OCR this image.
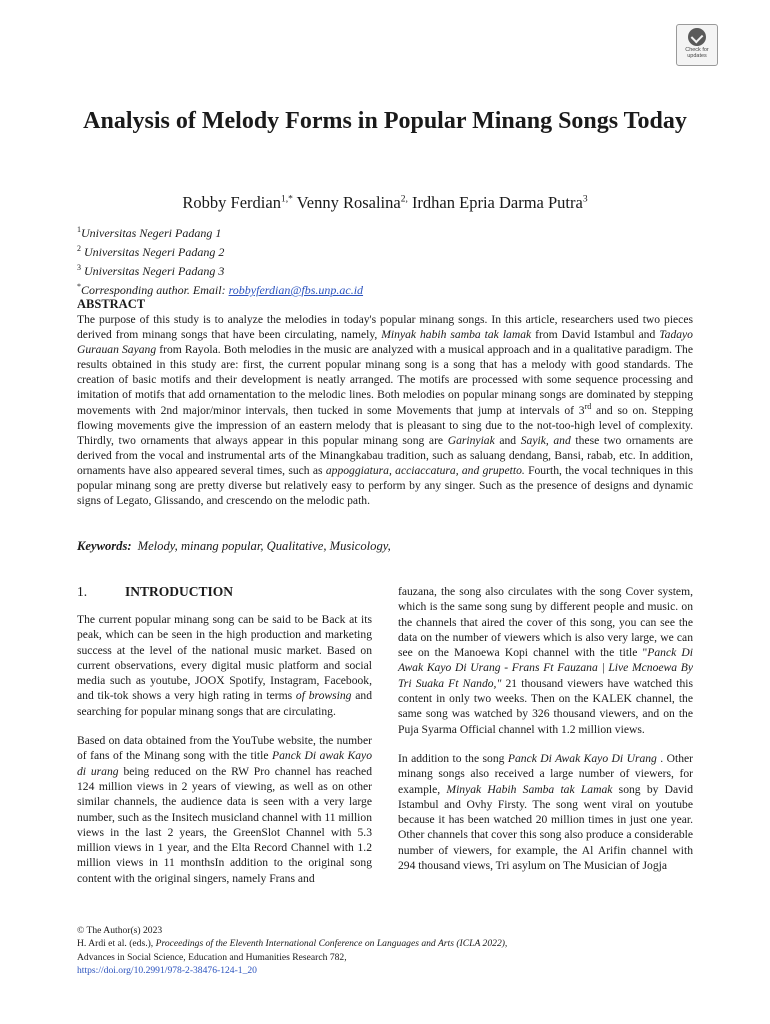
Check for
updates
Analysis of Melody Forms in Popular Minang Songs Today
Robby Ferdian$^{1,*}$ Venny Rosalina$^{2,}$ Irdhan Epria Darma Putra$^3$
$^1$Universitas Negeri Padang 1
$^2$ Universitas Negeri Padang 2
$^3$ Universitas Negeri Padang 3
*Corresponding author. Email: robbyferdian@fbs.unp.ac.id
ABSTRACT

The purpose of this study is to analyze the melodies in today's popular minang songs. In this article, researchers used two pieces derived from minang songs that have been circulating, namely, Minyak habih samba tak lamak from David Istambul and Tadayo Gurauan Sayang from Rayola. Both melodies in the music are analyzed with a musical approach and in a qualitative paradigm. The results obtained in this study are: first, the current popular minang song is a song that has a melody with good standards. The creation of basic motifs and their development is neatly arranged. The motifs are processed with some sequence processing and imitation of motifs that add ornamentation to the melodic lines. Both melodies on popular minang songs are dominated by stepping movements with 2nd major/minor intervals, then tucked in some Movements that jump at intervals of 3rd and so on. Stepping flowing movements give the impression of an eastern melody that is pleasant to sing due to the not-too-high level of complexity. Thirdly, two ornaments that always appear in this popular minang song are Garinyiak and Sayik, and these two ornaments are derived from the vocal and instrumental arts of the Minangkabau tradition, such as saluang dendang, Bansi, rabab, etc. In addition, ornaments have also appeared several times, such as appoggiatura, acciaccatura, and grupetto. Fourth, the vocal techniques in this popular minang song are pretty diverse but relatively easy to perform by any singer. Such as the presence of designs and dynamic signs of Legato, Glissando, and crescendo on the melodic path.

Keywords: Melody, minang popular, Qualitative, Musicology,
1.	INTRODUCTION

The current popular minang song can be said to be Back at its peak, which can be seen in the high production and marketing success at the level of the national music market. Based on current observations, every digital music platform and social media such as youtube, JOOX Spotify, Instagram, Facebook, and tik-tok shows a very high rating in terms of browsing and searching for popular minang songs that are circulating.

Based on data obtained from the YouTube website, the number of fans of the Minang song with the title Panck Di awak Kayo di urang being reduced on the RW Pro channel has reached 124 million views in 2 years of viewing, as well as on other similar channels, the audience data is seen with a very large number, such as the Insitech musicland channel with 11 million views in the last 2 years, the GreenSlot Channel with 5.3 million views in 1 year, and the Elta Record Channel with 1.2 million views in 11 monthsIn addition to the original song content with the original singers, namely Frans and

fauzana, the song also circulates with the song Cover system, which is the same song sung by different people and music. on the channels that aired the cover of this song, you can see the data on the number of viewers which is also very large, we can see on the Manoewa Kopi channel with the title "Panck Di Awak Kayo Di Urang - Frans Ft Fauzana | Live Mcnoewa By Tri Suaka Ft Nando," 21 thousand viewers have watched this content in only two weeks. Then on the KALEK channel, the same song was watched by 326 thousand viewers, and on the Puja Syarma Official channel with 1.2 million views.

In addition to the song Panck Di Awak Kayo Di Urang . Other minang songs also received a large number of viewers, for example, Minyak Habih Samba tak Lamak song by David Istambul and Ovhy Firsty. The song went viral on youtube because it has been watched 20 million times in just one year. Other channels that cover this song also produce a considerable number of viewers, for example, the Al Arifin channel with 294 thousand views, Tri asylum on The Musician of Jogja

© The Author(s) 2023
H. Ardi et al. (eds.), Proceedings of the Eleventh International Conference on Languages and Arts (ICLA 2022),
Advances in Social Science, Education and Humanities Research 782,
https://doi.org/10.2991/978-2-38476-124-1_20
